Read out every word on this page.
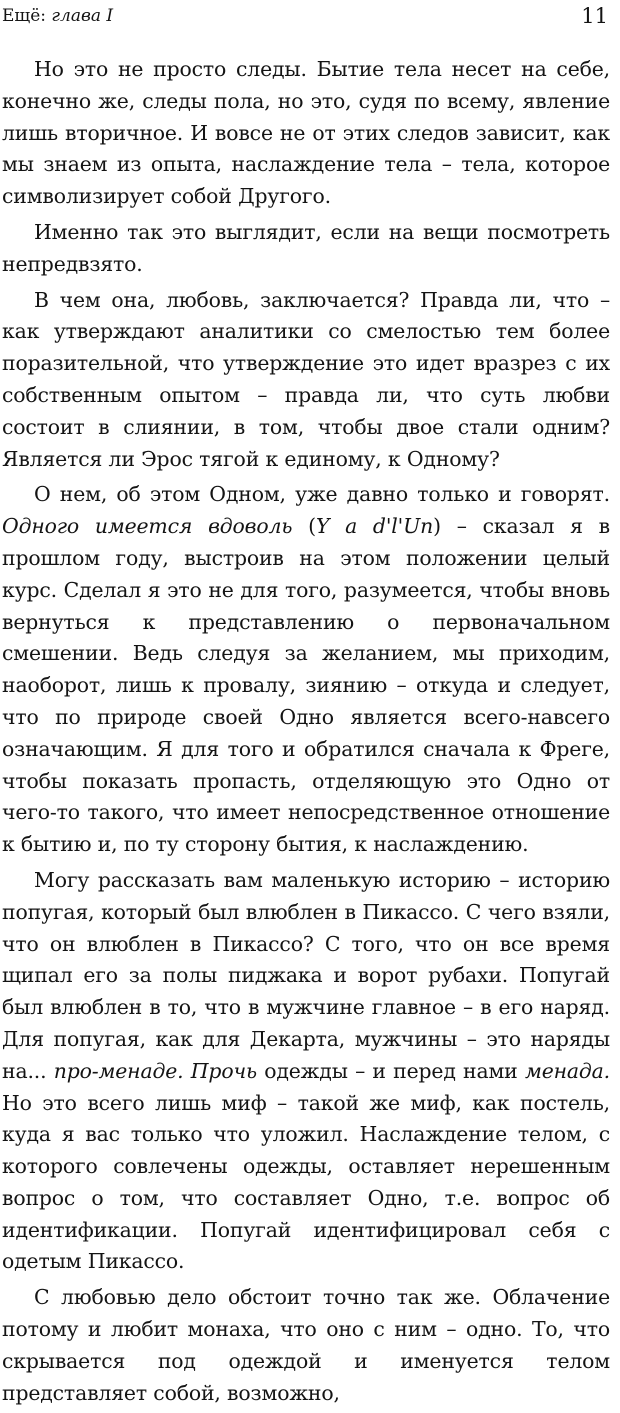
Ещё: глава I	11

Но это не просто следы. Бытие тела несет на себе, конечно же, следы пола, но это, судя по всему, явление лишь вторичное. И вовсе не от этих следов зависит, как мы знаем из опыта, наслаждение тела – тела, которое символизирует собой Другого.

Именно так это выглядит, если на вещи посмотреть непредвзято.

В чем она, любовь, заключается? Правда ли, что – как утверждают аналитики со смелостью тем более поразительной, что утверждение это идет вразрез с их собственным опытом – правда ли, что суть любви состоит в слиянии, в том, чтобы двое стали одним? Является ли Эрос тягой к единому, к Одному?

О нем, об этом Одном, уже давно только и говорят. Одного имеется вдоволь (Y a d'l'Un) – сказал я в прошлом году, выстроив на этом положении целый курс. Сделал я это не для того, разумеется, чтобы вновь вернуться к представлению о первоначальном смешении. Ведь следуя за желанием, мы приходим, наоборот, лишь к провалу, зиянию – откуда и следует, что по природе своей Одно является всего-навсего означающим. Я для того и обратился сначала к Фреге, чтобы показать пропасть, отделяющую это Одно от чего-то такого, что имеет непосредственное отношение к бытию и, по ту сторону бытия, к наслаждению.

Могу рассказать вам маленькую историю – историю попугая, который был влюблен в Пикассо. С чего взяли, что он влюблен в Пикассо? С того, что он все время щипал его за полы пиджака и ворот рубахи. Попугай был влюблен в то, что в мужчине главное – в его наряд. Для попугая, как для Декарта, мужчины – это наряды на... про-менаде. Прочь одежды – и перед нами менада. Но это всего лишь миф – такой же миф, как постель, куда я вас только что уложил. Наслаждение телом, с которого совлечены одежды, оставляет нерешенным вопрос о том, что составляет Одно, т.е. вопрос об идентификации. Попугай идентифицировал себя с одетым Пикассо.

С любовью дело обстоит точно так же. Облачение потому и любит монаха, что оно с ним – одно. То, что скрывается под одеждой и именуется телом представляет собой, возможно,
